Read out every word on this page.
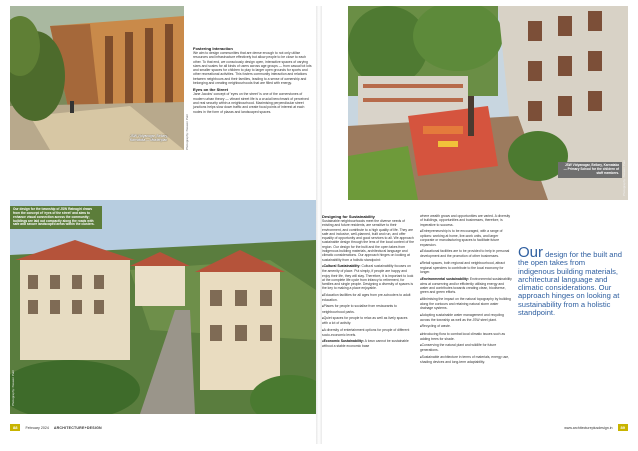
Photography: Naveen Patil
JSW Vidyanagar, Bellary, Karnataka — Masterplan
Fostering Interaction

We aim to design communities that are dense enough to not only utilise resources and infrastructure effectively but allow people to be close to each other. To that end, we consciously design open, interactive spaces of varying sizes and scales for all kinds of users across age groups — from casual tot lots and smaller spaces for children to play to larger open grounds for sports and other recreational activities. This fosters community interaction and relations between neighbours and their families, leading to a sense of ownership and belonging and creating neighbourhoods that are filled with energy.

Eyes on the Street

Jane Jacobs' concept of 'eyes on the street' is one of the cornerstones of modern urban theory — vibrant street life is a crucial benchmark of perceived and real security within a neighbourhood. Maximising perpendicular street junctions helps slow down traffic and create focal points of interest at each nodes in the form of plazas and landscaped spaces.

Our design for the township of JSW Ratnagiri draws from the concept of 'eyes of the street' and aims to enhance visual connection across the community; buildings are laid out compactly along the roads with safe and secure landscaped areas within the clusters.
Photography: Naveen Patil
88	February 2024 ARCHITECTURE+DESIGN
Photography: Naveen Patil
JSW Vidyanagar, Bellary, Karnataka — Primary School for the children of staff members.
Designing for Sustainability

Sustainable neighbourhoods meet the diverse needs of existing and future residents, are sensitive to their environment, and contribute to a high quality of life. They are safe and inclusive, well-planned, built and run, and offer equality of opportunity and good services to all. We approach sustainable design through the lens of the local context of the region. Our design for the built and the open takes from indigenous building materials, architectural language and climatic considerations. Our approach hinges on looking at sustainability from a holistic standpoint:

■ Cultural Sustainability: Cultural sustainability focuses on the amenity of place. Put simply, if people are happy and enjoy their life, they will stay. Therefore, it is important to look at the complete life cycle from infancy to retirement, for families and single people. Designing a diversity of spaces is the key to making a place enjoyable.

■ Education facilities for all ages from pre-schoolers to adult education.

■ Places for people to socialise from restaurants to neighbourhood parks.

■ Quiet spaces for people to relax as well as lively spaces with a lot of activity.

■ A diversity of entertainment options for people of different socio-economic levels.

■ Economic Sustainability: A town cannot be sustainable without a stable economic base

where wealth grows and opportunities are varied. A diversity of buildings, opportunities and businesses, therefore, is imperative to success.

■ Entrepreneurship is to be encouraged, with a range of options: working at home, live-work units, and larger corporate or manufacturing spaces to facilitate future expansion.

■ Educational facilities are to be provided to help in personal development and the promotion of other businesses.

■ Retail spaces, both regional and neighbourhood, attract regional spenders to contribute to the local economy for longer.

■ Environmental sustainability: Environmental sustainability aims at conserving and/or efficiently utilising energy and water and contributes towards creating clean, biodiverse, green and green efforts.

■ Minimising the impact on the natural topography by building along the contours and retaining natural storm water drainage systems.

■ Adopting sustainable water management and recycling across the township as well as the JSW steel plant.

■ Recycling of waste.

■ Introducing flora to combat local climatic issues such as adding trees for shade.

■ Conserving the natural plant and wildlife for future generations.

■ Sustainable architecture in terms of materials, energy use, shading devices and long-term adaptability.

Our design for the built and the open takes from indigenous building materials, architectural language and climatic considerations. Our approach hinges on looking at sustainability from a holistic standpoint.
www.architectureplusdesign.in	89
